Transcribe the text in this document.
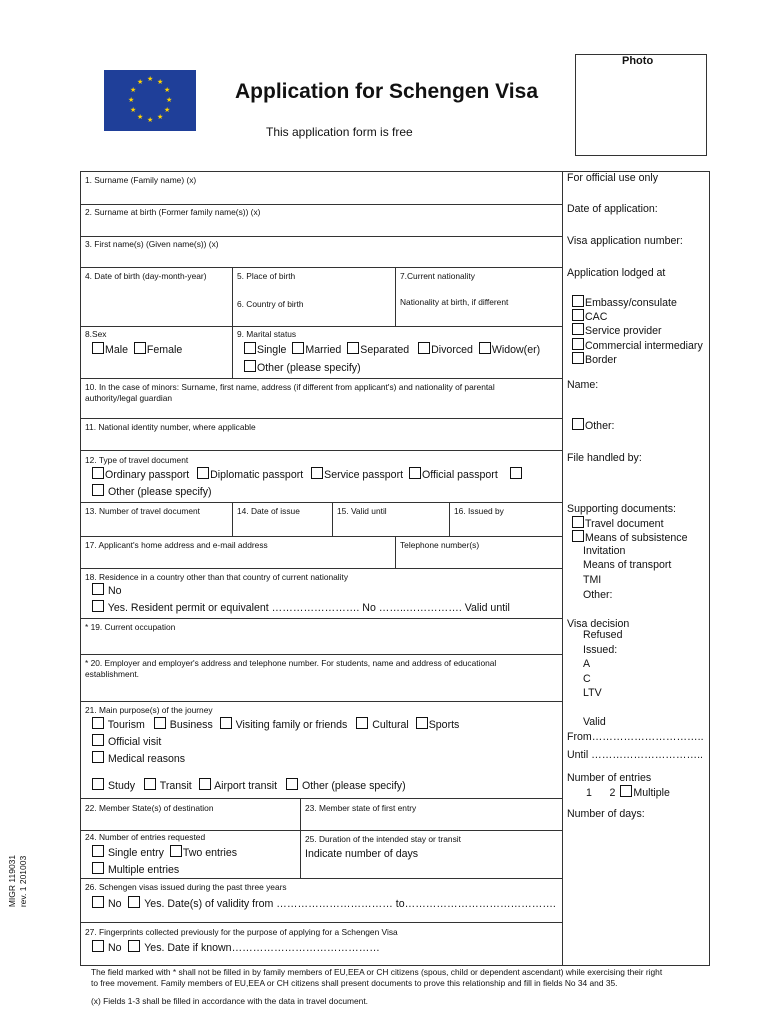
★ ★
★
★
★
★
★
★
★
★
★
★	Application for Schengen Visa
This application form is free
Photo
MIGR 119031 rev. 1 201003
1. Surname (Family name) (x)
2. Surname at birth (Former family name(s)) (x)
3. First name(s) (Given name(s)) (x)
4. Date of birth (day-month-year)	5. Place of birth
6. Country of birth
7.Current nationality
Nationality at birth, if different
8.Sex
Male Female
9. Marital status
Single Married Separated Divorced Widow(er)
Other (please specify)
10. In the case of minors: Surname, first name, address (if different from applicant's) and nationality of parental
authority/legal guardian
11. National identity number, where applicable
12. Type of travel document
Ordinary passport Diplomatic passport Service passport Official passport
Other (please specify)
13. Number of travel document	14. Date of issue	15. Valid until	16. Issued by
17. Applicant's home address and e-mail address	Telephone number(s)
18. Residence in a country other than that country of current nationality
No
Yes. Resident permit or equivalent ……………………. No ……..……………. Valid until
* 19. Current occupation
* 20. Employer and employer's address and telephone number. For students, name and address of educational
establishment.
21. Main purpose(s) of the journey
Tourism Business Visiting family or friends Cultural Sports
Official visit
Medical reasons
Study Transit Airport transit Other (please specify)
22. Member State(s) of destination	23. Member state of first entry
24. Number of entries requested
Single entry Two entries
Multiple entries
25. Duration of the intended stay or transit
Indicate number of days
26. Schengen visas issued during the past three years
No Yes. Date(s) of validity from …………………………… to…………………………………….
27. Fingerprints collected previously for the purpose of applying for a Schengen Visa
No Yes. Date if known……………………………………
For official use only
Date of application:
Visa application number:
Application lodged at
Embassy/consulate
CAC
Service provider
Commercial intermediary
Border
Name:
Other:
File handled by:
Supporting documents:
Travel document
Means of subsistence
Invitation
Means of transport
TMI
Other:
Visa decision
Refused
Issued:
A
C
LTV
Valid
From…………………………..
Until …………………………..
Number of entries
1      2 Multiple
Number of days:
The field marked with * shall not be filled in by family members of EU,EEA or CH citizens (spous, child or dependent ascendant) while exercising their right
to free movement. Family members of EU,EEA or CH citizens shall present documents to prove this relationship and fill in fields No 34 and 35.
(x) Fields 1-3 shall be filled in accordance with the data in travel document.
